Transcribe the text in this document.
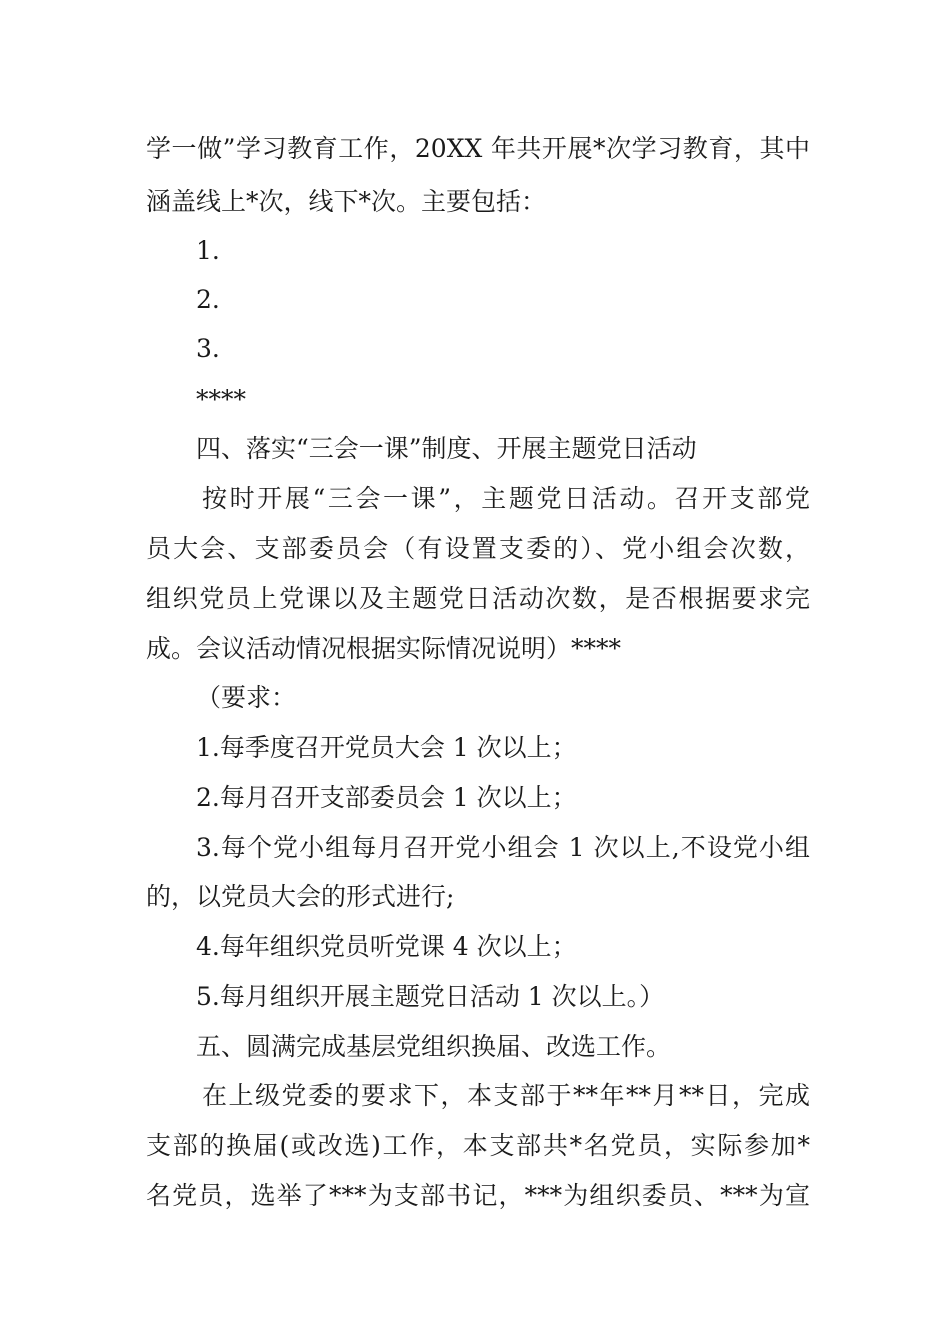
学一做”学习教育工作，20XX 年共开展*次学习教育，其中
涵盖线上*次，线下*次。主要包括：
1.
2.
3.
****
四、落实“三会一课”制度、开展主题党日活动
按时开展“三会一课”，主题党日活动。召开支部党
员大会、支部委员会（有设置支委的）、党小组会次数，
组织党员上党课以及主题党日活动次数，是否根据要求完
成。会议活动情况根据实际情况说明）****
（要求：
1.每季度召开党员大会 1 次以上；
2.每月召开支部委员会 1 次以上；
3.每个党小组每月召开党小组会 1 次以上,不设党小组
的，以党员大会的形式进行;
4.每年组织党员听党课 4 次以上；
5.每月组织开展主题党日活动 1 次以上。）
五、圆满完成基层党组织换届、改选工作。
在上级党委的要求下，本支部于**年**月**日，完成
支部的换届(或改选)工作，本支部共*名党员，实际参加*
名党员，选举了***为支部书记，***为组织委员、***为宣
